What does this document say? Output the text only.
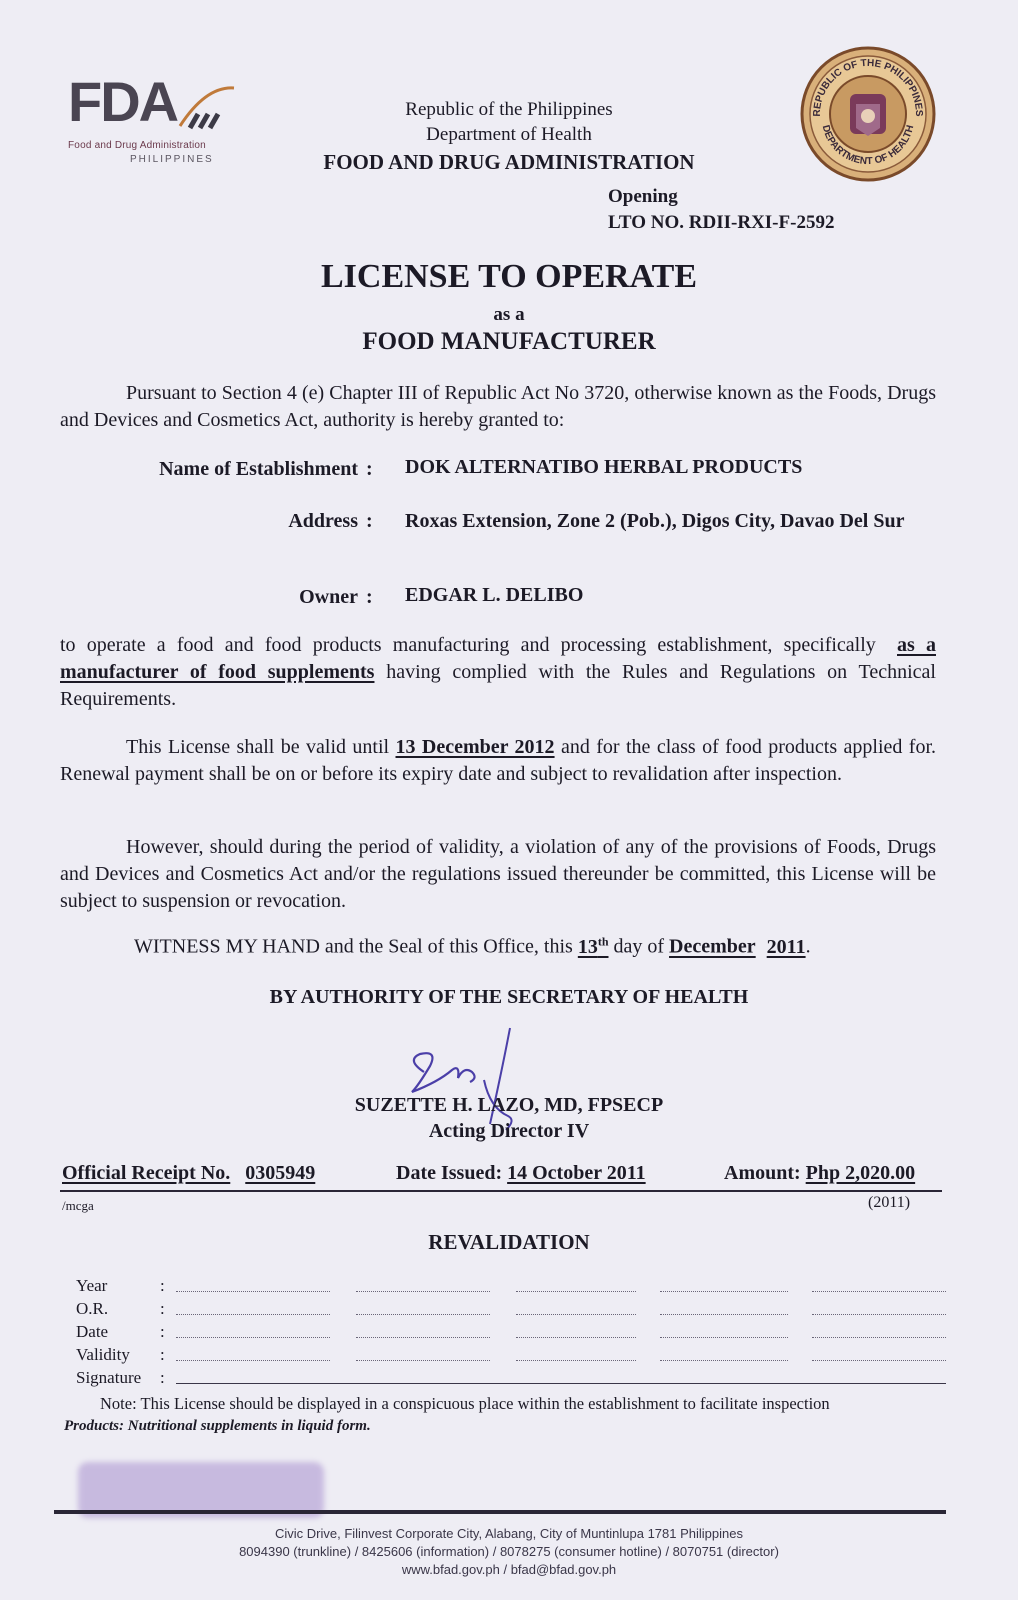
FDA
Food and Drug Administration
PHILIPPINES
Republic of the Philippines
Department of Health
FOOD AND DRUG ADMINISTRATION
REPUBLIC OF THE PHILIPPINES
DEPARTMENT OF HEALTH
Opening
LTO NO. RDII-RXI-F-2592
LICENSE TO OPERATE
as a
FOOD MANUFACTURER
Pursuant to Section 4 (e) Chapter III of Republic Act No 3720, otherwise known as the Foods, Drugs and Devices and Cosmetics Act, authority is hereby granted to:
Name of Establishment : DOK ALTERNATIBO HERBAL PRODUCTS
Address : Roxas Extension, Zone 2 (Pob.), Digos City, Davao Del Sur
Owner : EDGAR L. DELIBO
to operate a food and food products manufacturing and processing establishment, specifically as a manufacturer of food supplements having complied with the Rules and Regulations on Technical Requirements.
This License shall be valid until 13 December 2012 and for the class of food products applied for. Renewal payment shall be on or before its expiry date and subject to revalidation after inspection.
However, should during the period of validity, a violation of any of the provisions of Foods, Drugs and Devices and Cosmetics Act and/or the regulations issued thereunder be committed, this License will be subject to suspension or revocation.
WITNESS MY HAND and the Seal of this Office, this 13th day of December 2011.
BY AUTHORITY OF THE SECRETARY OF HEALTH
SUZETTE H. LAZO, MD, FPSECP
Acting Director IV
Official Receipt No. 0305949	Date Issued: 14 October 2011	Amount: Php 2,020.00
/mcga	(2011)
REVALIDATION
Year	:
O.R.	:
Date	:
Validity :
Signature :
Note: This License should be displayed in a conspicuous place within the establishment to facilitate inspection
Products: Nutritional supplements in liquid form.
Civic Drive, Filinvest Corporate City, Alabang, City of Muntinlupa 1781 Philippines
8094390 (trunkline) / 8425606 (information) / 8078275 (consumer hotline) / 8070751 (director)
www.bfad.gov.ph / bfad@bfad.gov.ph
